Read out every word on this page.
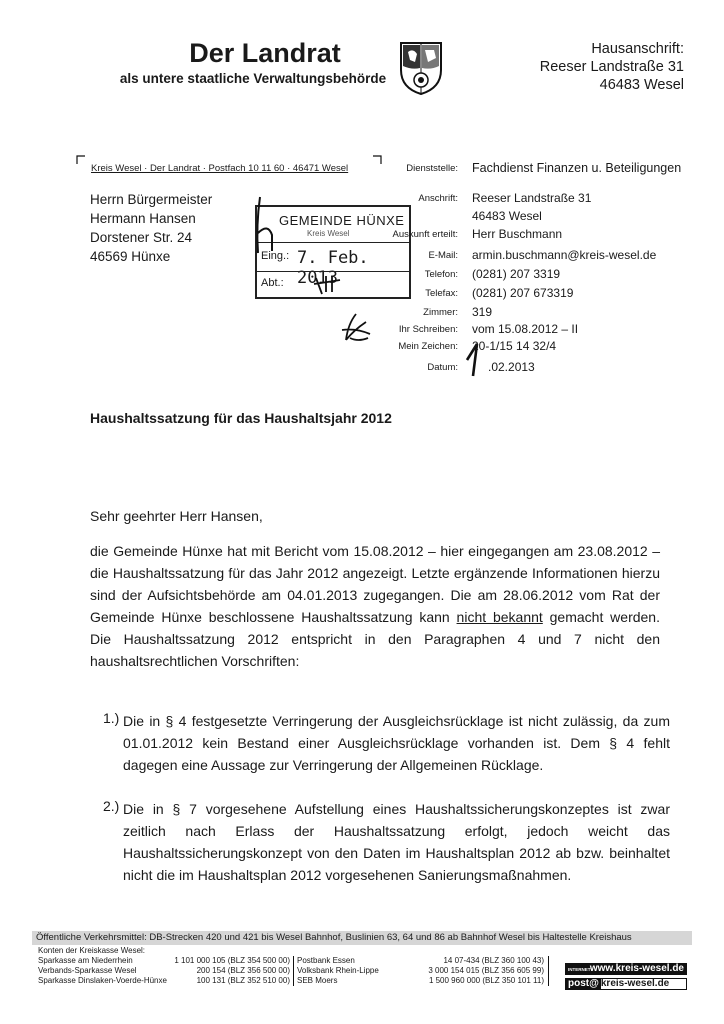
Der Landrat
als untere staatliche Verwaltungsbehörde
Hausanschrift:
Reeser Landstraße 31
46483 Wesel
Kreis Wesel · Der Landrat · Postfach 10 11 60 · 46471 Wesel
Herrn Bürgermeister
Hermann Hansen
Dorstener Str. 24
46569 Hünxe
GEMEINDE HÜNXE
Kreis Wesel
Eing.: 7. Feb. 2013
Abt.:
Dienststelle: Fachdienst Finanzen u. Beteiligungen
Anschrift: Reeser Landstraße 31
46483 Wesel
Auskunft erteilt: Herr Buschmann
E-Mail: armin.buschmann@kreis-wesel.de
Telefon: (0281) 207 3319
Telefax: (0281) 207 673319
Zimmer: 319
Ihr Schreiben: vom 15.08.2012 – II
Mein Zeichen: 20-1/15 14 32/4
Datum:	.02.2013
Haushaltssatzung für das Haushaltsjahr 2012
Sehr geehrter Herr Hansen,
die Gemeinde Hünxe hat mit Bericht vom 15.08.2012 – hier eingegangen am 23.08.2012 – die Haushaltssatzung für das Jahr 2012 angezeigt. Letzte ergänzende Informationen hierzu sind der Aufsichtsbehörde am 04.01.2013 zugegangen. Die am 28.06.2012 vom Rat der Gemeinde Hünxe beschlossene Haushaltssatzung kann nicht bekannt gemacht werden. Die Haushaltssatzung 2012 entspricht in den Paragraphen 4 und 7 nicht den haushaltsrechtlichen Vorschriften:
1.) Die in § 4 festgesetzte Verringerung der Ausgleichsrücklage ist nicht zulässig, da zum 01.01.2012 kein Bestand einer Ausgleichsrücklage vorhanden ist. Dem § 4 fehlt dagegen eine Aussage zur Verringerung der Allgemeinen Rücklage.
2.) Die in § 7 vorgesehene Aufstellung eines Haushaltssicherungskonzeptes ist zwar zeitlich nach Erlass der Haushaltssatzung erfolgt, jedoch weicht das Haushaltssicherungskonzept von den Daten im Haushaltsplan 2012 ab bzw. beinhaltet nicht die im Haushaltsplan 2012 vorgesehenen Sanierungsmaßnahmen.
Öffentliche Verkehrsmittel: DB-Strecken 420 und 421 bis Wesel Bahnhof, Buslinien 63, 64 und 86 ab Bahnhof Wesel bis Haltestelle Kreishaus
Konten der Kreiskasse Wesel:
Sparkasse am Niederrhein
Verbands-Sparkasse Wesel
Sparkasse Dinslaken-Voerde-Hünxe
1 101 000 105 (BLZ 354 500 00)
200 154 (BLZ 356 500 00)
100 131 (BLZ 352 510 00)
Postbank Essen
Volksbank Rhein-Lippe
SEB Moers
14 07-434 (BLZ 360 100 43)
3 000 154 015 (BLZ 356 605 99)
1 500 960 000 (BLZ 350 101 11)
INTERNET www.kreis-wesel.de
post@ kreis-wesel.de
